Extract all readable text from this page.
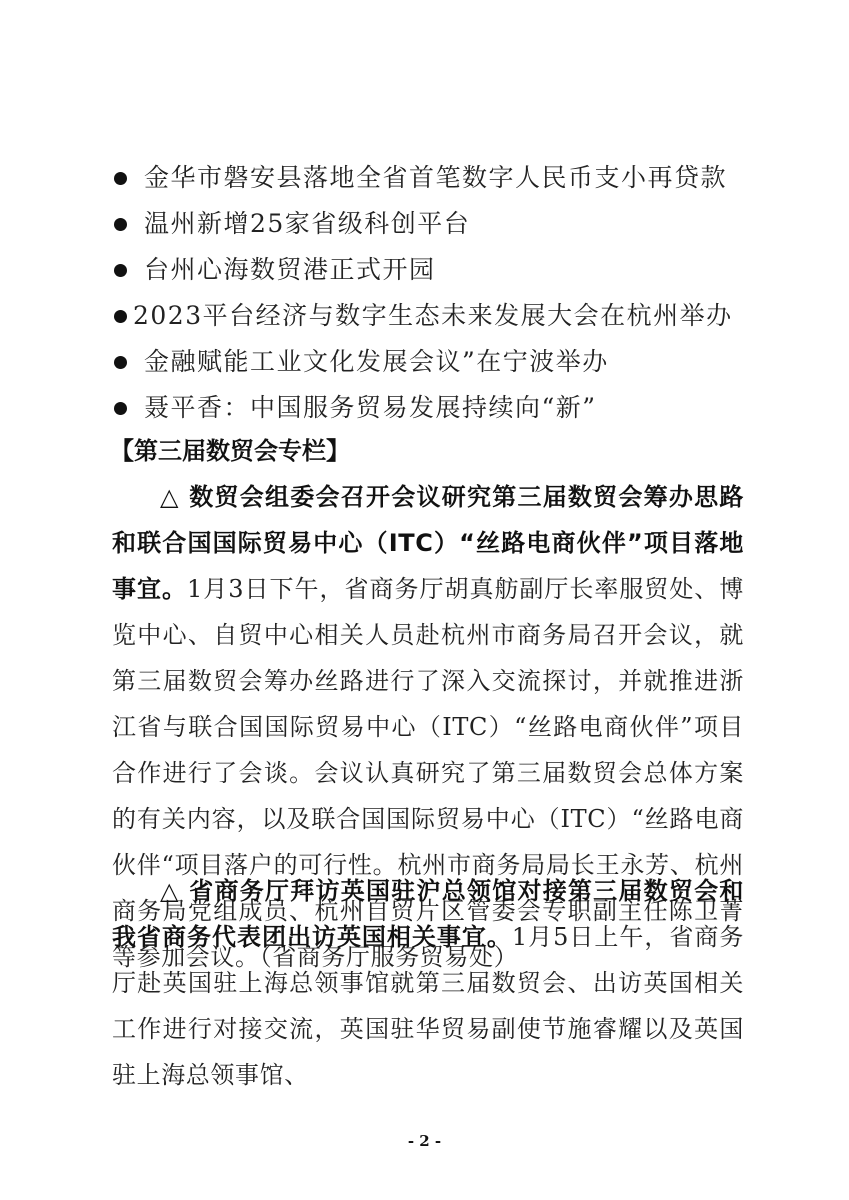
金华市磐安县落地全省首笔数字人民币支小再贷款
温州新增25家省级科创平台
台州心海数贸港正式开园
2023平台经济与数字生态未来发展大会在杭州举办
金融赋能工业文化发展会议”在宁波举办
聂平香：中国服务贸易发展持续向“新”
【第三届数贸会专栏】

△ 数贸会组委会召开会议研究第三届数贸会筹办思路和联合国国际贸易中心（ITC）“丝路电商伙伴”项目落地事宜。1月3日下午，省商务厅胡真舫副厅长率服贸处、博览中心、自贸中心相关人员赴杭州市商务局召开会议，就第三届数贸会筹办丝路进行了深入交流探讨，并就推进浙江省与联合国国际贸易中心（ITC）“丝路电商伙伴”项目合作进行了会谈。会议认真研究了第三届数贸会总体方案的有关内容，以及联合国国际贸易中心（ITC）“丝路电商伙伴“项目落户的可行性。杭州市商务局局长王永芳、杭州商务局党组成员、杭州自贸片区管委会专职副主任陈卫菁等参加会议。（省商务厅服务贸易处）

△ 省商务厅拜访英国驻沪总领馆对接第三届数贸会和我省商务代表团出访英国相关事宜。1月5日上午，省商务厅赴英国驻上海总领事馆就第三届数贸会、出访英国相关工作进行对接交流，英国驻华贸易副使节施睿耀以及英国驻上海总领事馆、

- 2 -
